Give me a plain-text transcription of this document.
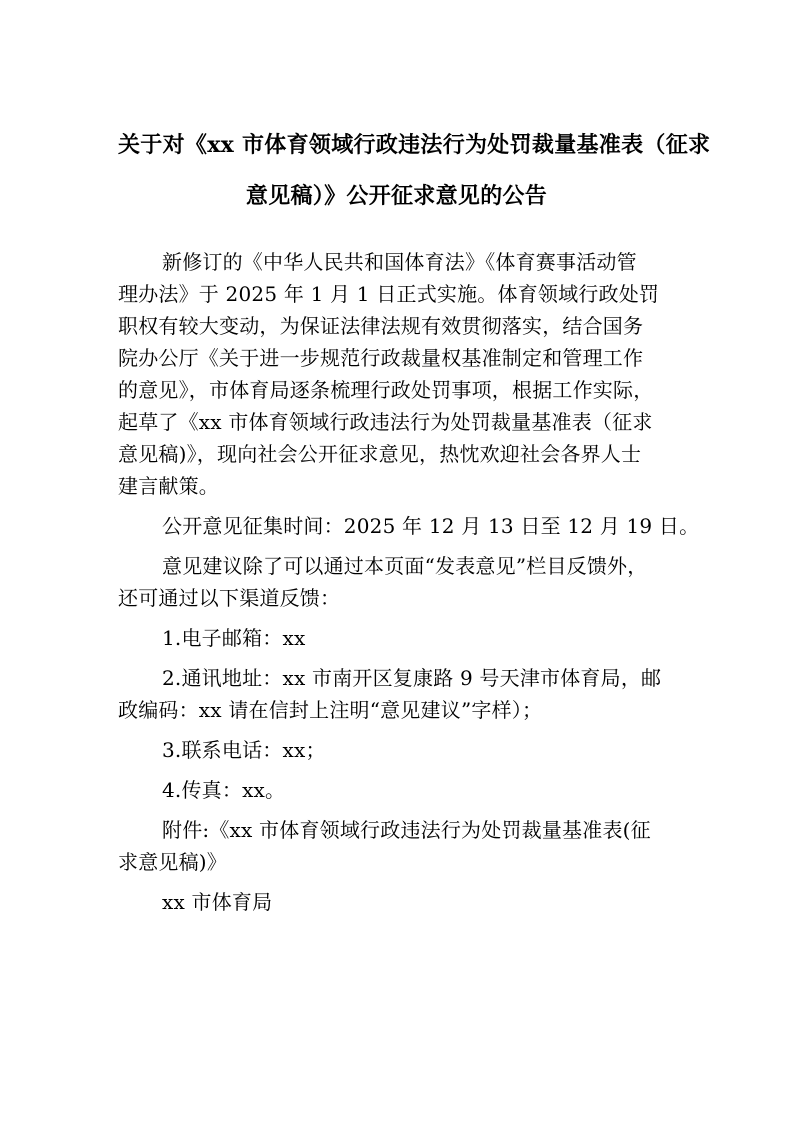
关于对《xx 市体育领域行政违法行为处罚裁量基准表（征求
意见稿）》公开征求意见的公告

新修订的《中华人民共和国体育法》《体育赛事活动管
理办法》于 2025 年 1 月 1 日正式实施。体育领域行政处罚
职权有较大变动，为保证法律法规有效贯彻落实，结合国务
院办公厅《关于进一步规范行政裁量权基准制定和管理工作
的意见》，市体育局逐条梳理行政处罚事项，根据工作实际，
起草了《xx 市体育领域行政违法行为处罚裁量基准表（征求
意见稿)》，现向社会公开征求意见，热忱欢迎社会各界人士
建言献策。

公开意见征集时间：2025 年 12 月 13 日至 12 月 19 日。

意见建议除了可以通过本页面“发表意见”栏目反馈外，
还可通过以下渠道反馈：

1.电子邮箱：xx

2.通讯地址：xx 市南开区复康路 9 号天津市体育局，邮
政编码：xx 请在信封上注明“意见建议”字样）；

3.联系电话：xx；

4.传真：xx。

附件:《xx 市体育领域行政违法行为处罚裁量基准表(征
求意见稿)》

xx 市体育局
